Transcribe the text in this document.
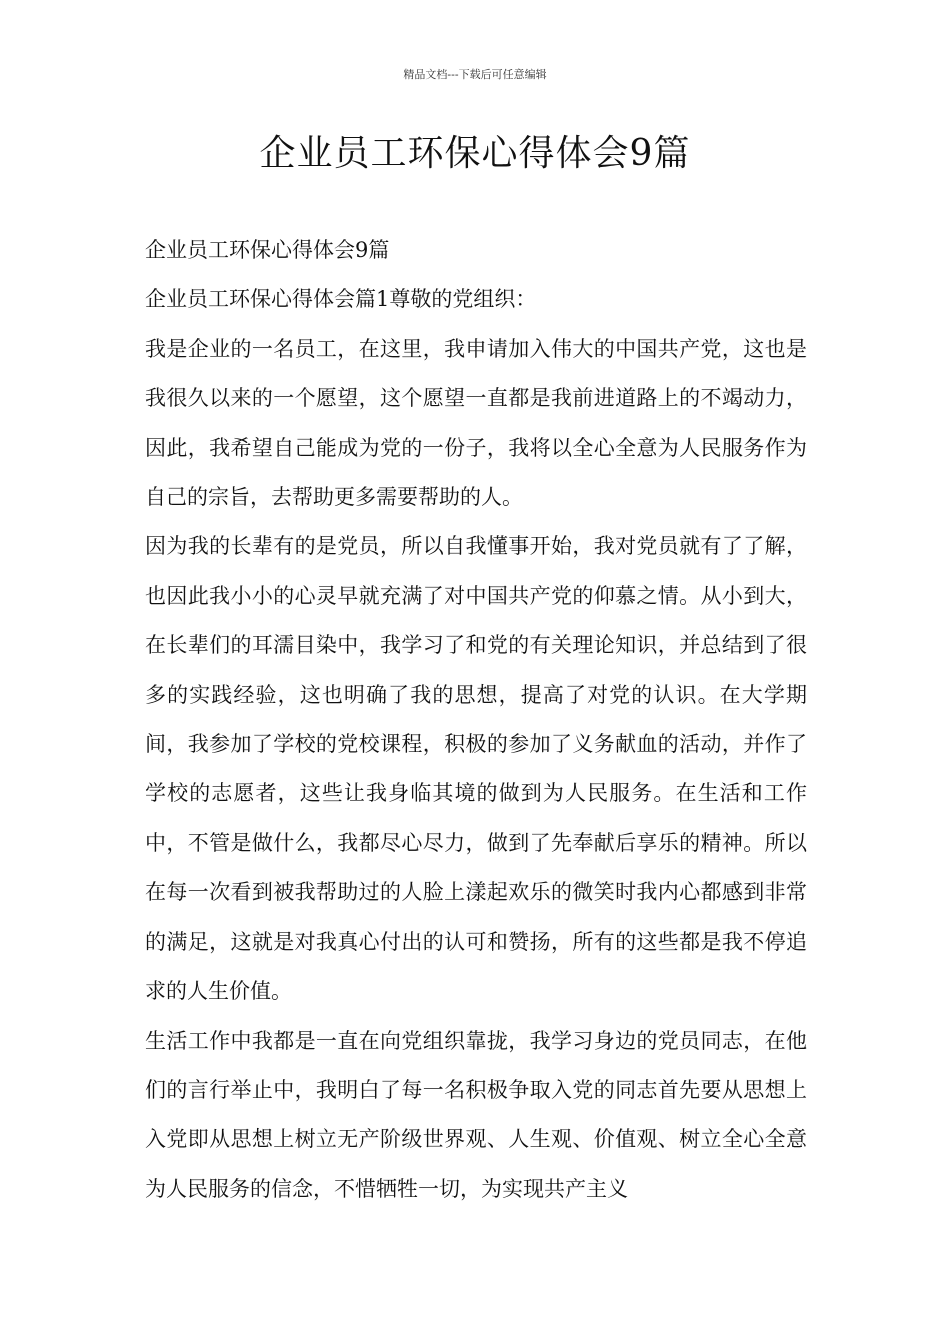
精品文档---下载后可任意编辑
企业员工环保心得体会9篇

企业员工环保心得体会9篇

企业员工环保心得体会篇1尊敬的党组织：

我是企业的一名员工，在这里，我申请加入伟大的中国共产党，这也是我很久以来的一个愿望，这个愿望一直都是我前进道路上的不竭动力，因此，我希望自己能成为党的一份子，我将以全心全意为人民服务作为自己的宗旨，去帮助更多需要帮助的人。

因为我的长辈有的是党员，所以自我懂事开始，我对党员就有了了解，也因此我小小的心灵早就充满了对中国共产党的仰慕之情。从小到大，在长辈们的耳濡目染中，我学习了和党的有关理论知识，并总结到了很多的实践经验，这也明确了我的思想，提高了对党的认识。在大学期间，我参加了学校的党校课程，积极的参加了义务献血的活动，并作了学校的志愿者，这些让我身临其境的做到为人民服务。在生活和工作中，不管是做什么，我都尽心尽力，做到了先奉献后享乐的精神。所以在每一次看到被我帮助过的人脸上漾起欢乐的微笑时我内心都感到非常的满足，这就是对我真心付出的认可和赞扬，所有的这些都是我不停追求的人生价值。

生活工作中我都是一直在向党组织靠拢，我学习身边的党员同志，在他们的言行举止中，我明白了每一名积极争取入党的同志首先要从思想上入党即从思想上树立无产阶级世界观、人生观、价值观、树立全心全意为人民服务的信念，不惜牺牲一切，为实现共产主义
